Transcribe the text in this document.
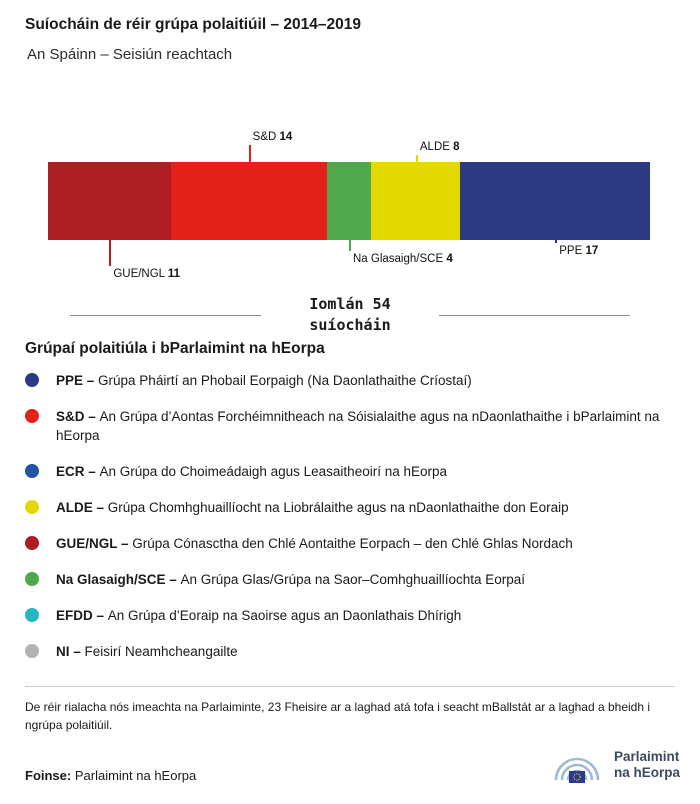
Suíocháin de réir grúpa polaitiúil – 2014–2019
An Spáinn – Seisiún reachtach
GUE/NGL 11
S&D 14
Na Glasaigh/SCE 4
ALDE 8
PPE 17
Iomlán 54
suíocháin
Grúpaí polaitiúla i bParlaimint na hEorpa
PPE – Grúpa Pháirtí an Phobail Eorpaigh (Na Daonlathaithe Críostaí)
S&D – An Grúpa d’Aontas Forchéimnitheach na Sóisialaithe agus na nDaonlathaithe i bParlaimint na hEorpa
ECR – An Grúpa do Choimeádaigh agus Leasaitheoirí na hEorpa
ALDE – Grúpa Chomhghuaillíocht na Liobrálaithe agus na nDaonlathaithe don Eoraip
GUE/NGL – Grúpa Cónasctha den Chlé Aontaithe Eorpach – den Chlé Ghlas Nordach
Na Glasaigh/SCE – An Grúpa Glas/Grúpa na Saor–Comhghuaillíochta Eorpaí
EFDD – An Grúpa d’Eoraip na Saoirse agus an Daonlathais Dhírigh
NI – Feisirí Neamhcheangailte
De réir rialacha nós imeachta na Parlaiminte, 23 Fheisire ar a laghad atá tofa i seacht mBallstát ar a laghad a bheidh i ngrúpa polaitiúil.
Foinse: Parlaimint na hEorpa
Parlaimint
na hEorpa
